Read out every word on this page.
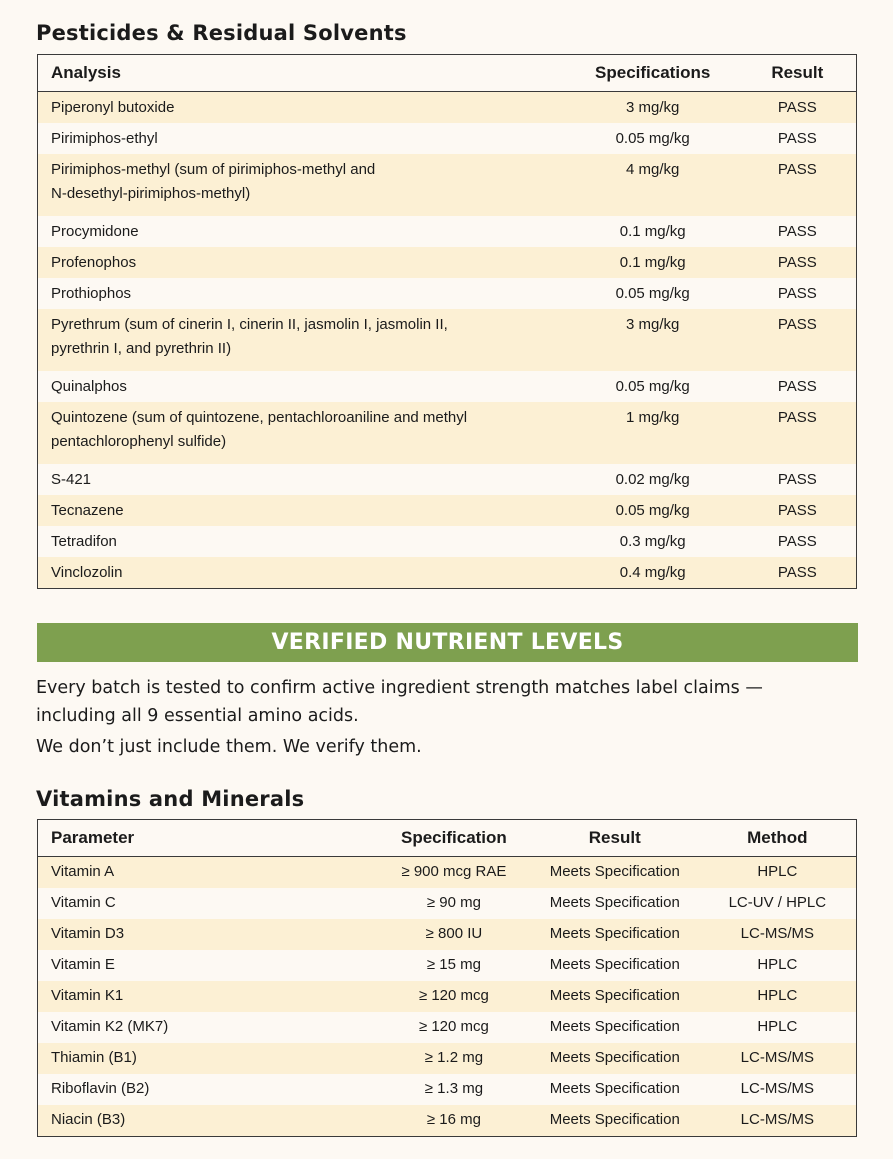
Pesticides & Residual Solvents
Analysis	Specifications	Result
Piperonyl butoxide	3 mg/kg	PASS
Pirimiphos-ethyl	0.05 mg/kg	PASS

Pirimiphos-methyl (sum of pirimiphos-methyl and
N-desethyl-pirimiphos-methyl)	4 mg/kg	PASS
Procymidone	0.1 mg/kg	PASS
Profenophos	0.1 mg/kg	PASS
Prothiophos	0.05 mg/kg	PASS

Pyrethrum (sum of cinerin I, cinerin II, jasmolin I, jasmolin II,
pyrethrin I, and pyrethrin II)	3 mg/kg	PASS
Quinalphos	0.05 mg/kg	PASS

Quintozene (sum of quintozene, pentachloroaniline and methyl
pentachlorophenyl sulfide)	1 mg/kg	PASS
S-421	0.02 mg/kg	PASS
Tecnazene	0.05 mg/kg	PASS
Tetradifon	0.3 mg/kg	PASS
Vinclozolin	0.4 mg/kg	PASS
VERIFIED NUTRIENT LEVELS
Every batch is tested to confirm active ingredient strength matches label claims —
including all 9 essential amino acids.
We don’t just include them. We verify them.
Vitamins and Minerals
Parameter	Specification	Result	Method
Vitamin A	≥ 900 mcg RAE	Meets Specification	HPLC
Vitamin C	≥ 90 mg	Meets Specification	LC-UV / HPLC
Vitamin D3	≥ 800 IU	Meets Specification	LC-MS/MS
Vitamin E	≥ 15 mg	Meets Specification	HPLC
Vitamin K1	≥ 120 mcg	Meets Specification	HPLC
Vitamin K2 (MK7)	≥ 120 mcg	Meets Specification	HPLC
Thiamin (B1)	≥ 1.2 mg	Meets Specification	LC-MS/MS
Riboflavin (B2)	≥ 1.3 mg	Meets Specification	LC-MS/MS
Niacin (B3)	≥ 16 mg	Meets Specification	LC-MS/MS
